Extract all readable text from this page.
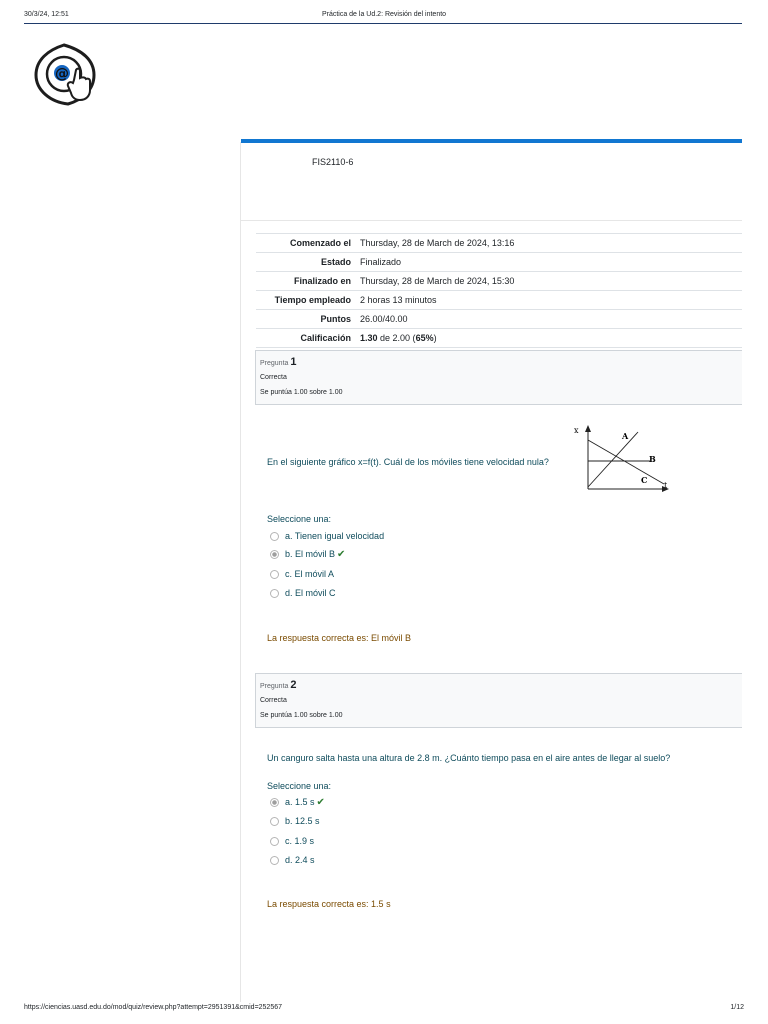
30/3/24, 12:51	Práctica de la Ud.2: Revisión del intento
@
FIS2110-6
Comenzado el	Thursday, 28 de March de 2024, 13:16
Estado	Finalizado
Finalizado en	Thursday, 28 de March de 2024, 15:30
Tiempo empleado	2 horas 13 minutos
Puntos	26.00/40.00
Calificación	1.30 de 2.00 (65%)
Pregunta 1
Correcta
Se puntúa 1.00 sobre 1.00
En el siguiente gráfico x=f(t). Cuál de los móviles tiene velocidad nula?
x
t
A
B
C
Seleccione una:
a. Tienen igual velocidad
b. El móvil B ✔
c. El móvil A
d. El móvil C
La respuesta correcta es: El móvil B
Pregunta 2
Correcta
Se puntúa 1.00 sobre 1.00
Un canguro salta hasta una altura de 2.8 m. ¿Cuánto tiempo pasa en el aire antes de llegar al suelo?
Seleccione una:
a. 1.5 s ✔
b. 12.5 s
c. 1.9 s
d. 2.4 s
La respuesta correcta es: 1.5 s
https://ciencias.uasd.edu.do/mod/quiz/review.php?attempt=2951391&cmid=252567	1/12
